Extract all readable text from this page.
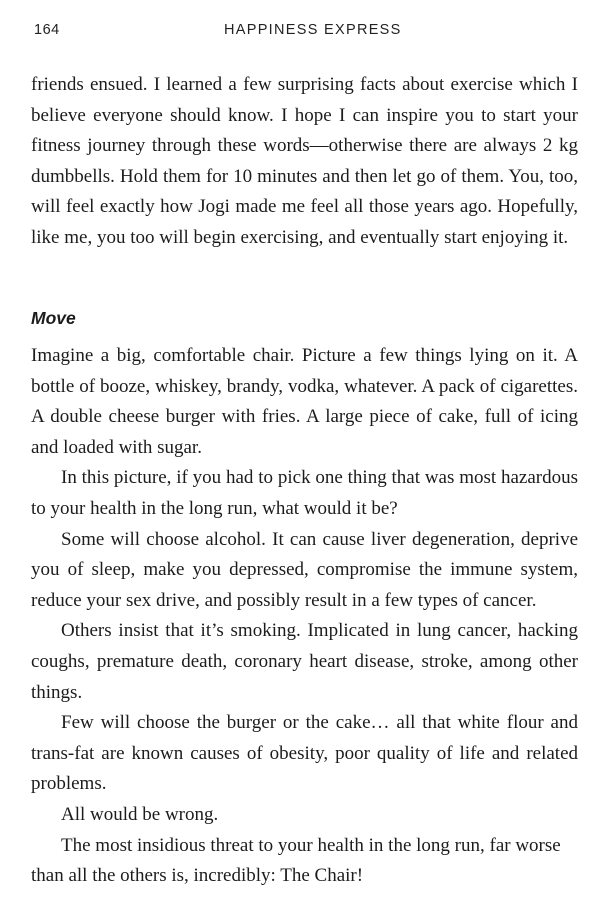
164	HAPPINESS EXPRESS

friends ensued. I learned a few surprising facts about exercise which I believe everyone should know. I hope I can inspire you to start your fitness journey through these words—otherwise there are always 2 kg dumbbells. Hold them for 10 minutes and then let go of them. You, too, will feel exactly how Jogi made me feel all those years ago. Hopefully, like me, you too will begin exercising, and eventually start enjoying it.

Move

Imagine a big, comfortable chair. Picture a few things lying on it. A bottle of booze, whiskey, brandy, vodka, whatever. A pack of cigarettes. A double cheese burger with fries. A large piece of cake, full of icing and loaded with sugar.

In this picture, if you had to pick one thing that was most hazardous to your health in the long run, what would it be?

Some will choose alcohol. It can cause liver degeneration, deprive you of sleep, make you depressed, compromise the immune system, reduce your sex drive, and possibly result in a few types of cancer.

Others insist that it’s smoking. Implicated in lung cancer, hacking coughs, premature death, coronary heart disease, stroke, among other things.

Few will choose the burger or the cake… all that white flour and trans-fat are known causes of obesity, poor quality of life and related problems.

All would be wrong.

The most insidious threat to your health in the long run, far worse than all the others is, incredibly: The Chair!
